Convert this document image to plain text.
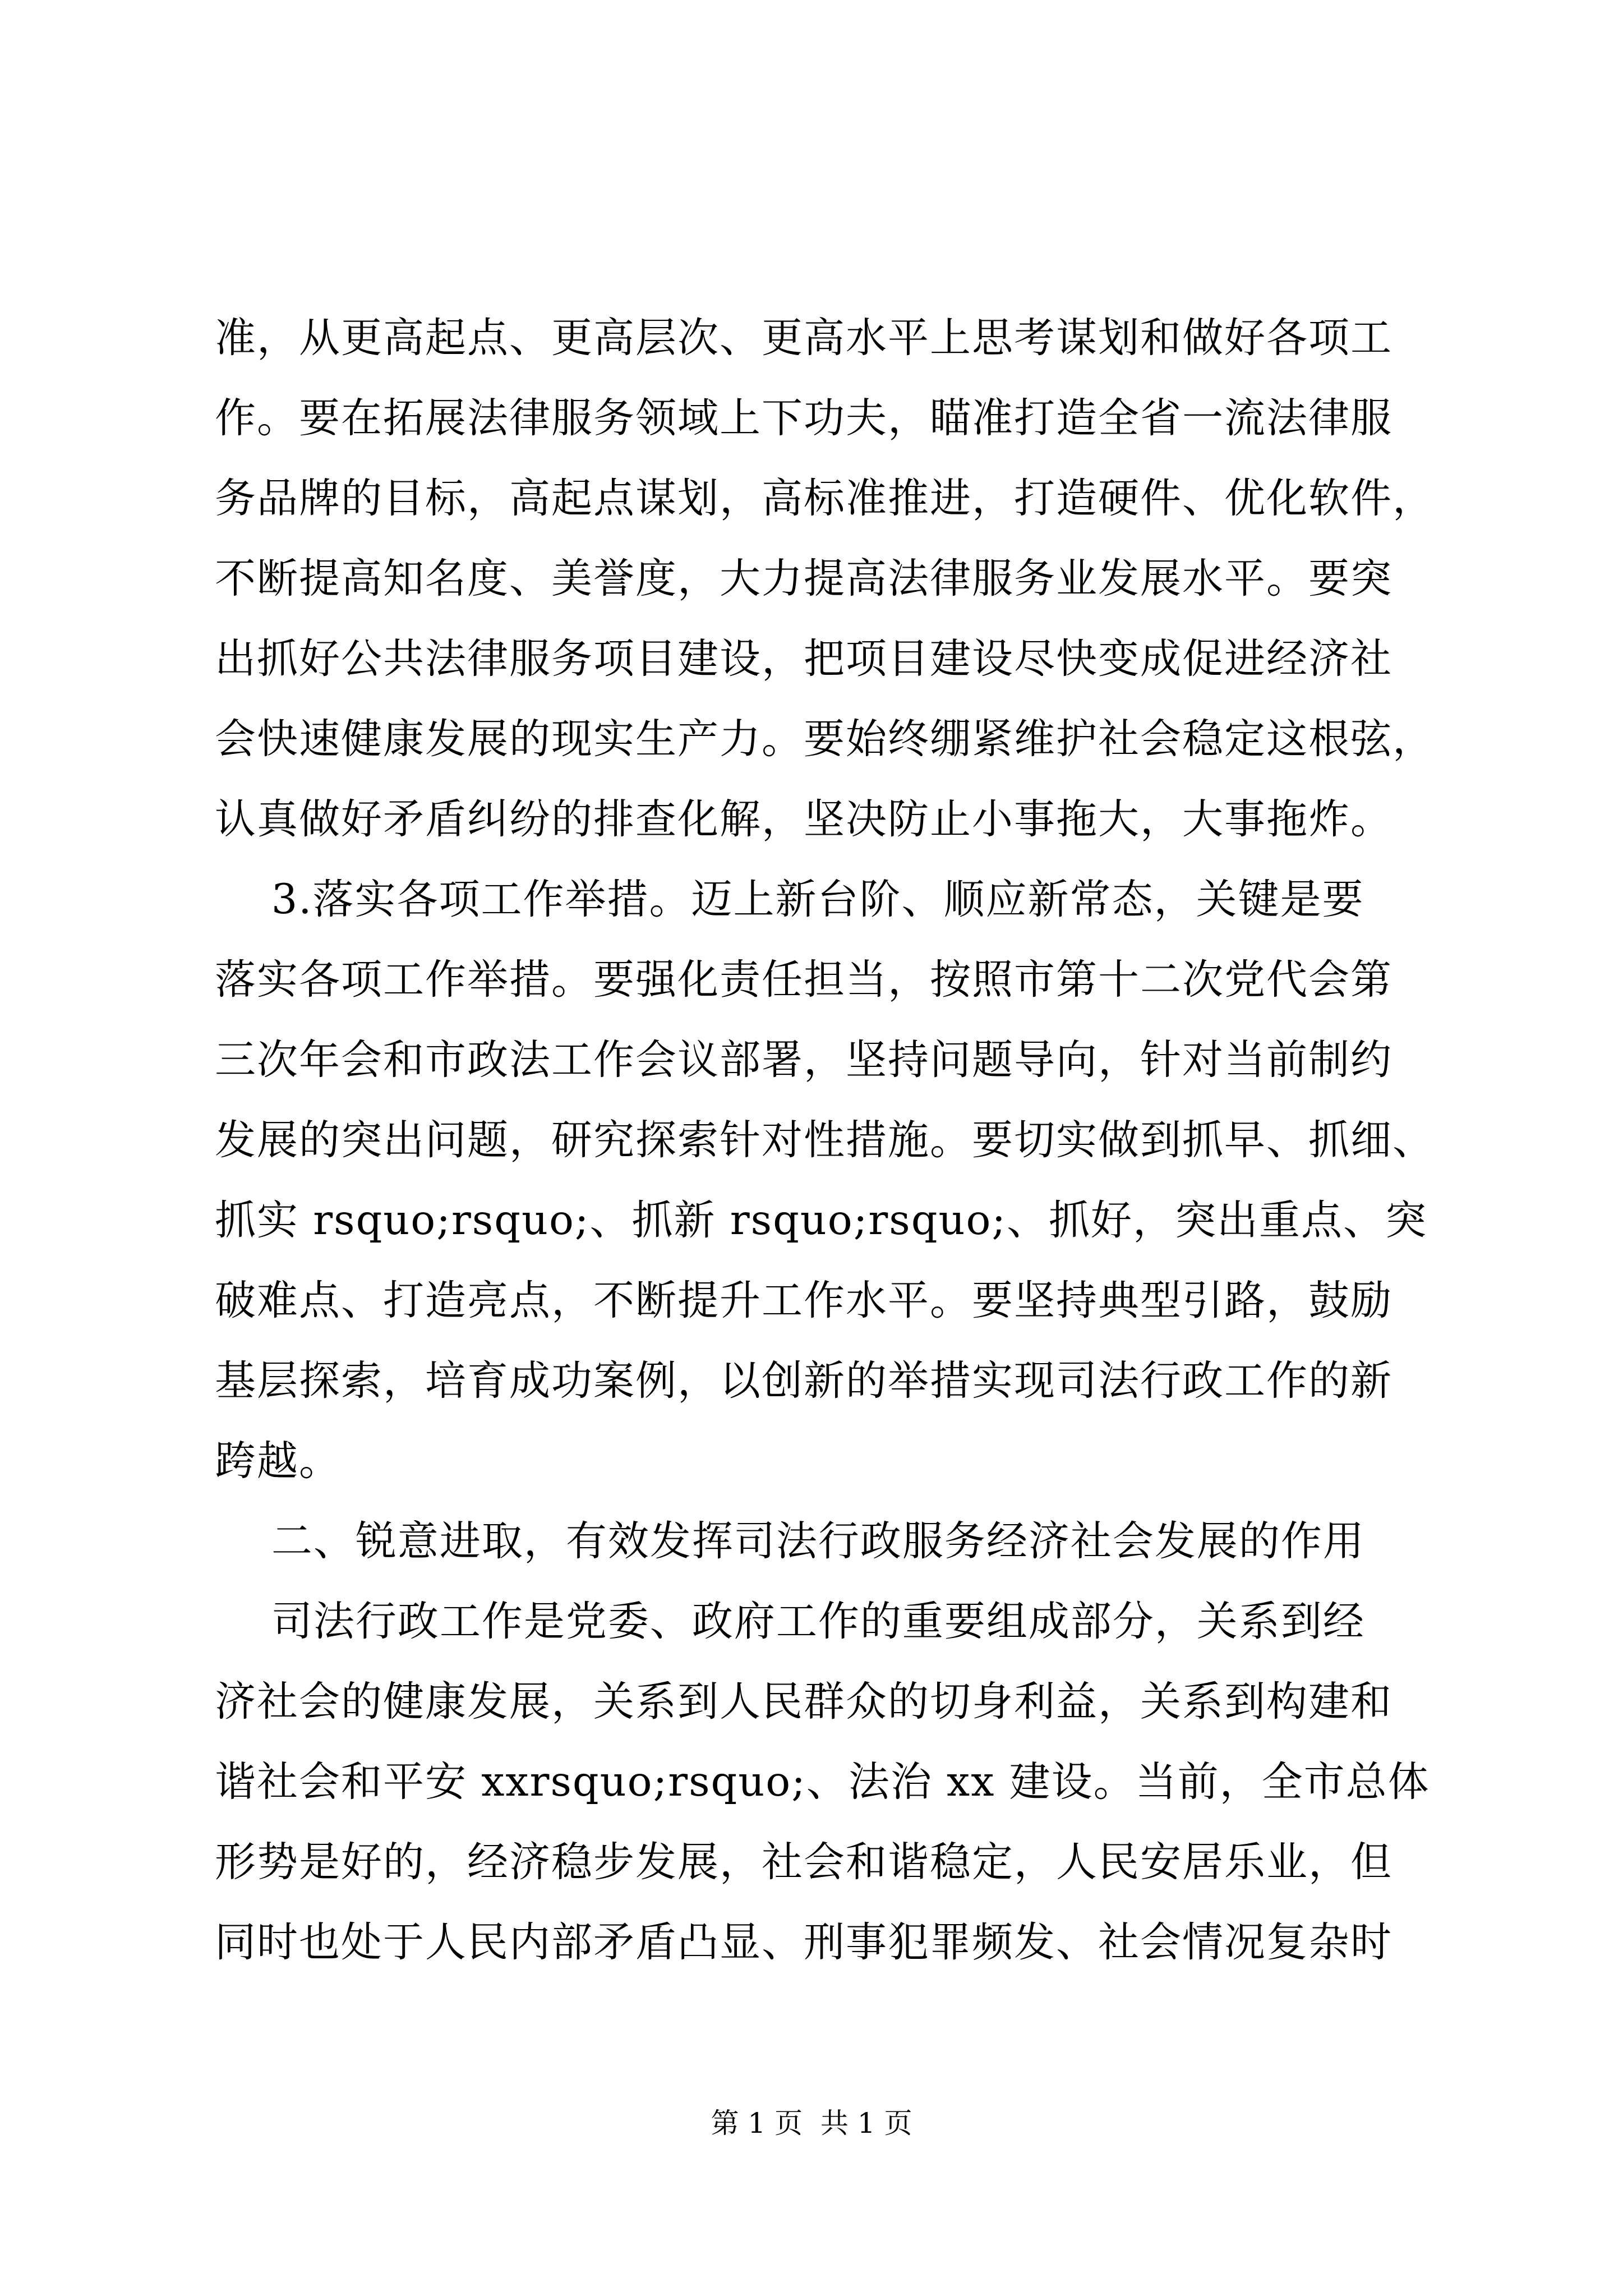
准，从更高起点、更高层次、更高水平上思考谋划和做好各项工
作。要在拓展法律服务领域上下功夫，瞄准打造全省一流法律服
务品牌的目标，高起点谋划，高标准推进，打造硬件、优化软件，
不断提高知名度、美誉度，大力提高法律服务业发展水平。要突
出抓好公共法律服务项目建设，把项目建设尽快变成促进经济社
会快速健康发展的现实生产力。要始终绷紧维护社会稳定这根弦，
认真做好矛盾纠纷的排查化解，坚决防止小事拖大，大事拖炸。
3.落实各项工作举措。迈上新台阶、顺应新常态，关键是要
落实各项工作举措。要强化责任担当，按照市第十二次党代会第
三次年会和市政法工作会议部署，坚持问题导向，针对当前制约
发展的突出问题，研究探索针对性措施。要切实做到抓早、抓细、
抓实 rsquo;rsquo;、抓新 rsquo;rsquo;、抓好，突出重点、突
破难点、打造亮点，不断提升工作水平。要坚持典型引路，鼓励
基层探索，培育成功案例，以创新的举措实现司法行政工作的新
跨越。
二、锐意进取，有效发挥司法行政服务经济社会发展的作用
司法行政工作是党委、政府工作的重要组成部分，关系到经
济社会的健康发展，关系到人民群众的切身利益，关系到构建和
谐社会和平安 xxrsquo;rsquo;、法治 xx 建设。当前，全市总体
形势是好的，经济稳步发展，社会和谐稳定，人民安居乐业，但
同时也处于人民内部矛盾凸显、刑事犯罪频发、社会情况复杂时
第 1 页  共 1 页
